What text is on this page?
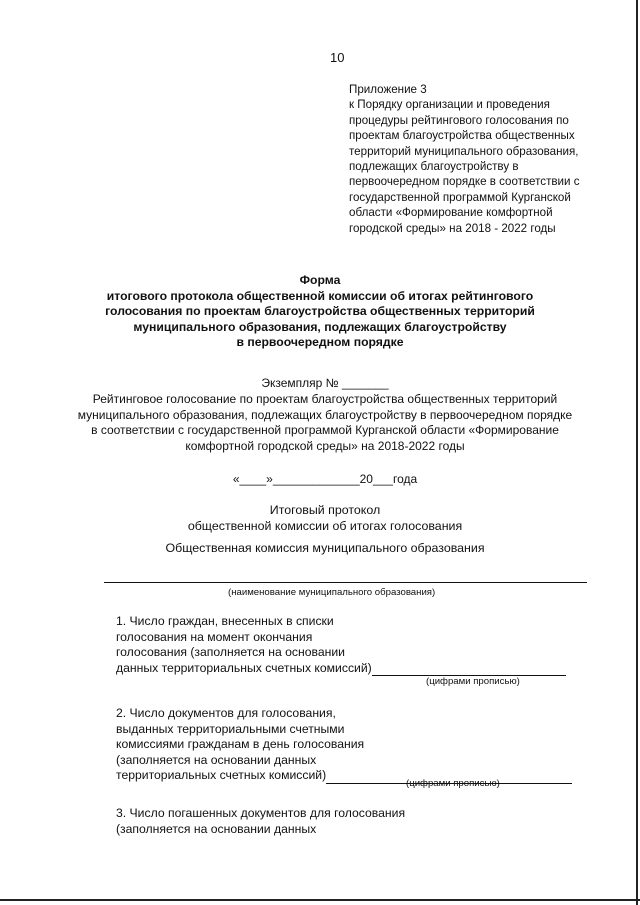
10
Приложение 3
к Порядку организации и проведения
процедуры рейтингового голосования по
проектам благоустройства общественных
территорий муниципального образования,
подлежащих благоустройству в
первоочередном порядке в соответствии с
государственной программой Курганской
области «Формирование комфортной
городской среды» на 2018 - 2022 годы
Форма
итогового протокола общественной комиссии об итогах рейтингового
голосования по проектам благоустройства общественных территорий
муниципального образования, подлежащих благоустройству
в первоочередном порядке
Экземпляр № _______
Рейтинговое голосование по проектам благоустройства общественных территорий
муниципального образования, подлежащих благоустройству в первоочередном порядке
в соответствии с государственной программой Курганской области «Формирование
комфортной городской среды» на 2018-2022 годы
«____»_____________20___года
Итоговый протокол
общественной комиссии об итогах голосования
Общественная комиссия муниципального образования
(наименование муниципального образования)
1. Число граждан, внесенных в списки
голосования на момент окончания
голосования (заполняется на основании
данных территориальных счетных комиссий)
(цифрами прописью)
2. Число документов для голосования,
выданных территориальными счетными
комиссиями гражданам в день голосования
(заполняется на основании данных
территориальных счетных комиссий)
(цифрами прописью)
3. Число погашенных документов для голосования
(заполняется на основании данных
